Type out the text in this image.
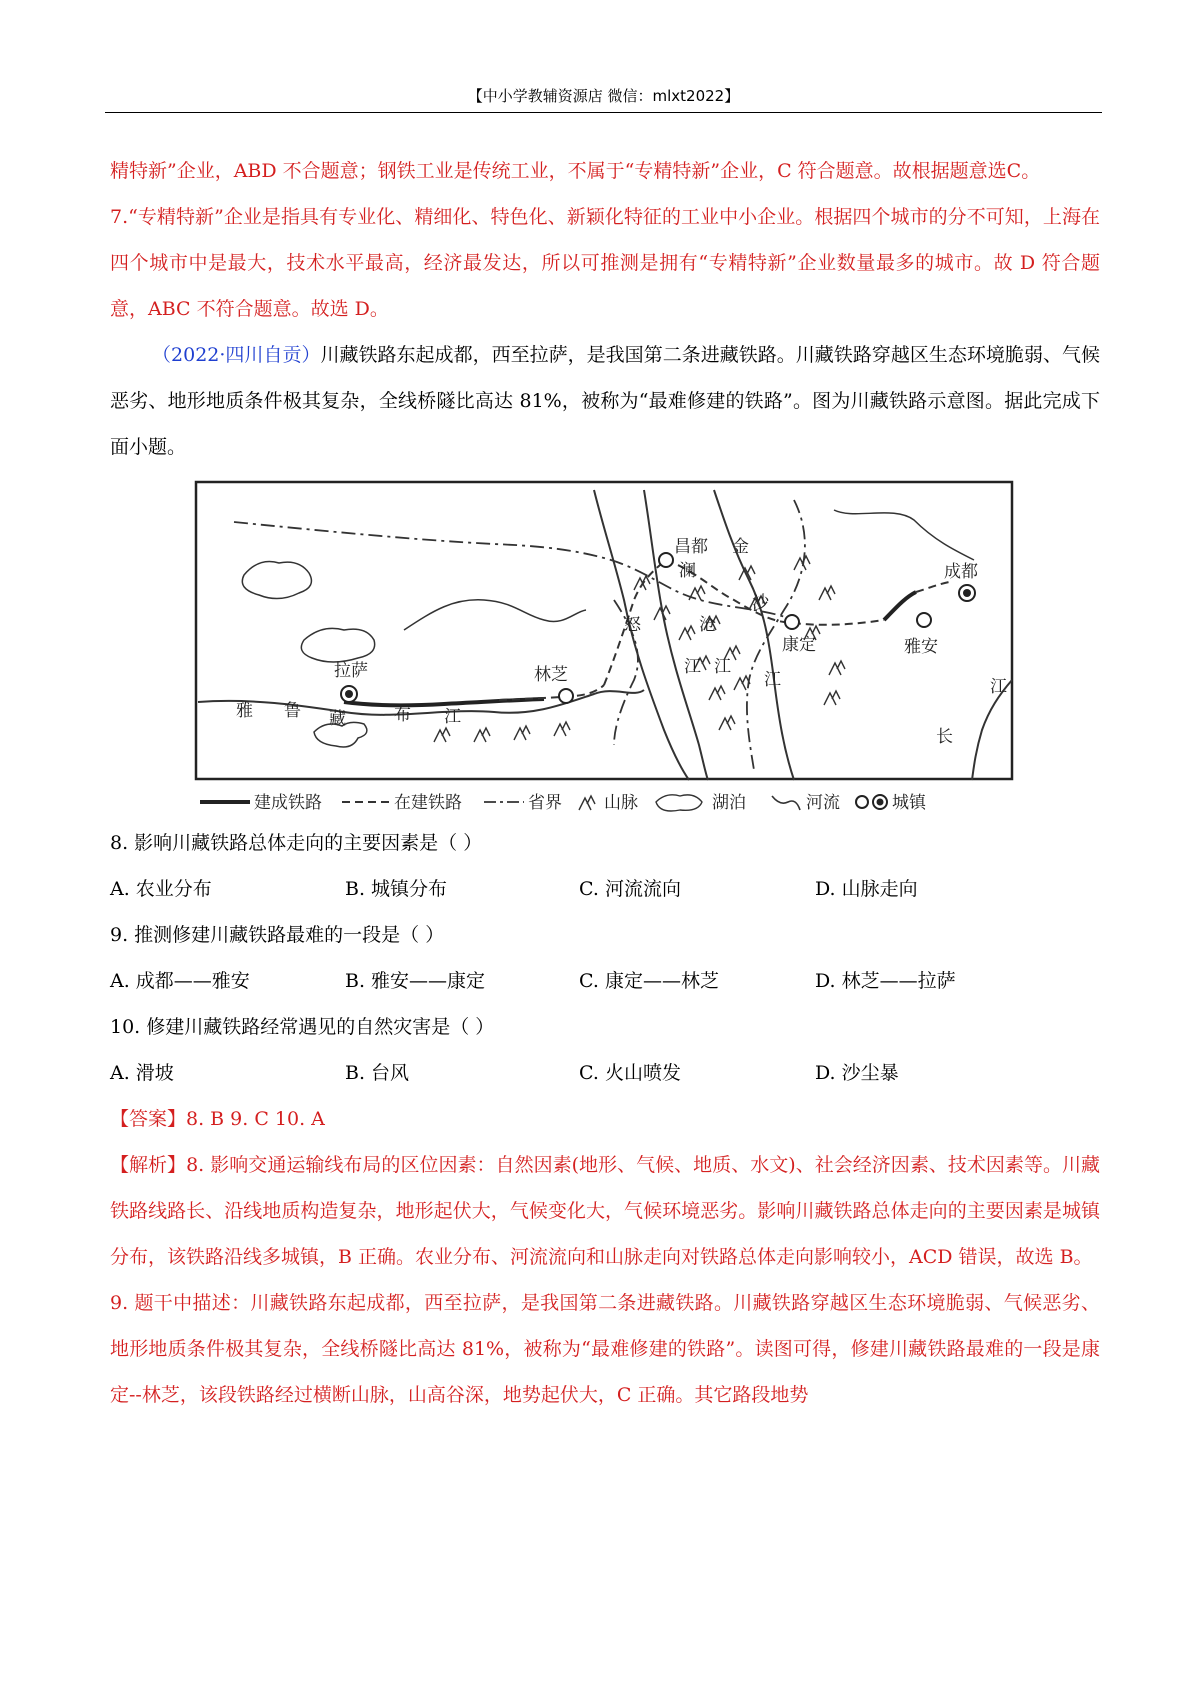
【中小学教辅资源店 微信：mlxt2022】

精特新”企业，ABD 不合题意；钢铁工业是传统工业，不属于“专精特新”企业，C 符合题意。故根据题意选C。

7.“专精特新”企业是指具有专业化、精细化、特色化、新颖化特征的工业中小企业。根据四个城市的分不可知，上海在四个城市中是最大，技术水平最高，经济最发达，所以可推测是拥有“专精特新”企业数量最多的城市。故 D 符合题意，ABC 不符合题意。故选 D。

（2022·四川自贡）川藏铁路东起成都，西至拉萨，是我国第二条进藏铁路。川藏铁路穿越区生态环境脆弱、气候恶劣、地形地质条件极其复杂，全线桥隧比高达 81%，被称为“最难修建的铁路”。图为川藏铁路示意图。据此完成下面小题。

昌都
成都
康定	雅安
拉萨	林芝
金
沙
澜
沧
江
怒
江
江	江
长
雅 鲁 藏	布 江
建成铁路	在建铁路	省界 山脉	湖泊	河流	城镇

8. 影响川藏铁路总体走向的主要因素是（ ）

A. 农业分布	B. 城镇分布	C. 河流流向	D. 山脉走向

9. 推测修建川藏铁路最难的一段是（ ）

A. 成都——雅安	B. 雅安——康定	C. 康定——林芝	D. 林芝——拉萨

10. 修建川藏铁路经常遇见的自然灾害是（ ）

A. 滑坡	B. 台风	C. 火山喷发	D. 沙尘暴

【答案】8. B 9. C 10. A

【解析】8. 影响交通运输线布局的区位因素：自然因素(地形、气候、地质、水文)、社会经济因素、技术因素等。川藏铁路线路长、沿线地质构造复杂，地形起伏大，气候变化大，气候环境恶劣。影响川藏铁路总体走向的主要因素是城镇分布，该铁路沿线多城镇，B 正确。农业分布、河流流向和山脉走向对铁路总体走向影响较小，ACD 错误，故选 B。

9. 题干中描述：川藏铁路东起成都，西至拉萨，是我国第二条进藏铁路。川藏铁路穿越区生态环境脆弱、气候恶劣、地形地质条件极其复杂，全线桥隧比高达 81%，被称为“最难修建的铁路”。读图可得，修建川藏铁路最难的一段是康定--林芝，该段铁路经过横断山脉，山高谷深，地势起伏大，C 正确。其它路段地势
